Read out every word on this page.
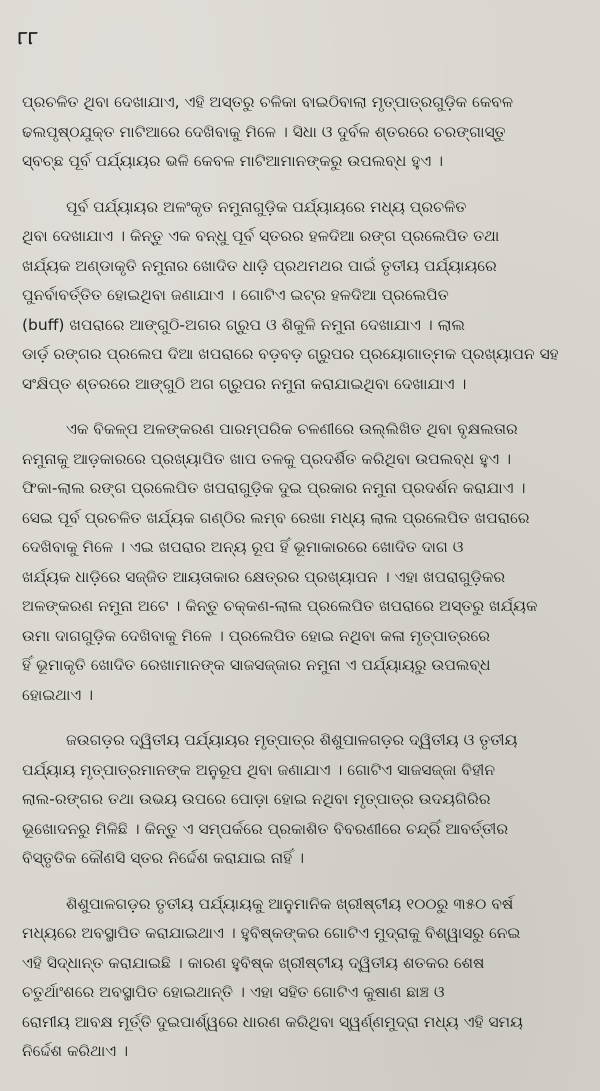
୮୮

ପ୍ରଚଳିତ ଥିବା ଦେଖାଯାଏ, ଏହି ଅସ୍ତରୁ ଚଳିକା ବାଇଠିବାଲା ମୃତ୍ପାତ୍ରଗୁଡ଼ିକ କେବଳ
ଢଲପୃଷ୍ଠଯୁକ୍ତ ମାଟିଆରେ ଦେଖିବାକୁ ମିଳେ । ସିଧା ଓ ଦୁର୍ବଳ ଶ୍ତରରେ ଚରଙ୍ଗାସ୍ତୁ
ସ୍ବଚ୍ଛ ପୂର୍ବ ପର୍ଯ୍ୟାୟର ଭଳି କେବଳ ମାଟିଆମାନଙ୍କରୁ ଉପଲବ୍ଧ ହୁଏ ।

ପୂର୍ବ ପର୍ଯ୍ୟାୟର ଅଳଂକୃତ ନମୁନାଗୁଡ଼ିକ ପର୍ଯ୍ୟାୟରେ ମଧ୍ୟ ପ୍ରଚଳିତ
ଥିବା ଦେଖାଯାଏ । କିନ୍ତୁ ଏକ ବନ୍ଧୁ ପୂର୍ବ ସ୍ତରର ହଳଦିଆ ରଙ୍ଗ ପ୍ରଲେପିତ ତଥା
ଖର୍ଯ୍ୟକ ଅଣ୍ଡାକୃତି ନମୁନାର ଖୋଦିତ ଧାଡ଼ି ପ୍ରଥମଥର ପାଇଁ ତୃତୀୟ ପର୍ଯ୍ୟାୟରେ
ପୁନର୍ବାବର୍ତ୍ତିତ ହୋଇଥିବା ଜଣାଯାଏ । ଗୋଟିଏ ଇଟ୍ର ହଳଦିଆ ପ୍ରଲେପିତ
(buff) ଖପରାରେ ଆଙ୍ଗୁଠି-ଅଗର ଗ୍ରୁପ ଓ ଶିକୁଳି ନମୁନା ଦେଖାଯାଏ । ଲାଲ
ଡାର୍ଡ଼ ରଙ୍ଗର ପ୍ରଲେପ ଦିଆ ଖପରାରେ ବଡ଼ବଡ଼ ଗ୍ରୁପର ପ୍ରୟୋଗାତ୍ମକ ପ୍ରଖ୍ୟାପନ ସହ
ସଂକ୍ଷିପ୍ତ ଶ୍ତରରେ ଆଙ୍ଗୁଠି ଅଗ ଗ୍ରୁପର ନମୁନା କରାଯାଇଥିବା ଦେଖାଯାଏ ।

ଏକ ବିକଳ୍ପ ଅଳଙ୍କରଣ ପାରମ୍ପରିକ ଚଳଣୀରେ ଉଲ୍ଲିଖିତ ଥିବା ବୃକ୍ଷଲତାର
ନମୁନାକୁ ଆଡ଼କାରରେ ପ୍ରଖ୍ୟାପିତ ଖାପ ତଳକୁ ପ୍ରଦର୍ଶିତ କରିଥିବା ଉପଲବ୍ଧ ହୁଏ ।
ଫିକା-ଲାଲ ରଙ୍ଗ ପ୍ରଲେପିତ ଖପରାଗୁଡ଼ିକ ଦୁଇ ପ୍ରକାର ନମୁନା ପ୍ରଦର୍ଶନ କରାଯାଏ ।
ସେଇ ପୂର୍ବ ପ୍ରଚଳିତ ଖର୍ଯ୍ୟକ ଗଣ୍ଠିର ଲମ୍ବ ରେଖା ମଧ୍ୟ ଲାଲ ପ୍ରଲେପିତ ଖପରାରେ
ଦେଖିବାକୁ ମିଳେ । ଏଇ ଖପରାର ଅନ୍ୟ ରୂପ ହିଁ ଭୂମାକାରରେ ଖୋଦିତ ଦାଗ ଓ
ଖର୍ଯ୍ୟକ ଧାଡ଼ିରେ ସଜ୍ଜିତ ଆୟତାକାର କ୍ଷେତ୍ରର ପ୍ରଖ୍ୟାପନ । ଏହା ଖପରାଗୁଡ଼ିକର
ଅଳଙ୍କରଣ ନମୁନା ଅଟେ । କିନ୍ତୁ ଚକ୍କଣ-ଲାଲ ପ୍ରଲେପିତ ଖପରାରେ ଅସ୍ତରୁ ଖର୍ଯ୍ୟକ
ଉମା ଦାଗଗୁଡ଼ିକ ଦେଖିବାକୁ ମିଳେ । ପ୍ରଲେପିତ ହୋଇ ନଥିବା କଳା ମୃତ୍ପାତ୍ରରେ
ହିଁ ଭୂମାକୃତି ଖୋଦିତ ରେଖାମାନଙ୍କ ସାଜସଜ୍ଜାର ନମୁନା ଏ ପର୍ଯ୍ୟାୟରୁ ଉପଲବ୍ଧ
ହୋଇଥାଏ ।

ଜଉଗଡ଼ର ଦ୍ୱିତୀୟ ପର୍ଯ୍ୟାୟର ମୃତ୍ପାତ୍ର ଶିଶୁପାଳଗଡ଼ର ଦ୍ୱିତୀୟ ଓ ତୃତୀୟ
ପର୍ଯ୍ୟାୟ ମୃତ୍ପାତ୍ରମାନଙ୍କ ଅନୁରୂପ ଥିବା ଜଣାଯାଏ । ଗୋଟିଏ ସାଜସଜ୍ଜା ବିହୀନ
ଲାଲ-ରଙ୍ଗର ତଥା ଉଭୟ ଉପରେ ପୋଡ଼ା ହୋଇ ନଥିବା ମୃତ୍ପାତ୍ର ଉଦୟଗିରିର
ଭୂଖୋଦନରୁ ମିଳିଛି । କିନ୍ତୁ ଏ ସମ୍ପର୍କରେ ପ୍ରକାଶିତ ବିବରଣୀରେ ଚନ୍ଦ୍ରିଁ ଆବର୍ତ୍ତୀର
ବିସ୍ତୃତିକ କୌଣସି ସ୍ତର ନିର୍ଦ୍ଦେଶ କରାଯାଇ ନାହିଁ ।

ଶିଶୁପାଳଗଡ଼ର ତୃତୀୟ ପର୍ଯ୍ୟାୟକୁ ଆନୁମାନିକ ଖ୍ରୀଷ୍ଟୀୟ ୧୦୦ରୁ ୩୫୦ ବର୍ଷ
ମଧ୍ୟରେ ଅବସ୍ଥାପିତ କରାଯାଇଥାଏ । ହୁବିଷ୍କଙ୍କର ଗୋଟିଏ ମୁଦ୍ରାକୁ ବିଶ୍ୱାସରୁ ନେଇ
ଏହି ସିଦ୍ଧାନ୍ତ କରାଯାଇଛି । କାରଣ ହୁବିଷ୍କ ଖ୍ରୀଷ୍ଟୀୟ ଦ୍ୱିତୀୟ ଶତକର ଶେଷ
ଚତୁର୍ଥାଂଶରେ ଅବସ୍ଥାପିତ ହୋଇଥାନ୍ତି । ଏହା ସହିତ ଗୋଟିଏ କୁଷାଣ ଛାଞ୍ଚ ଓ
ରୋମୀୟ ଆବକ୍ଷ ମୂର୍ତ୍ତି ଦୁଇପାର୍ଶ୍ୱରେ ଧାରଣ କରିଥିବା ସ୍ୱର୍ଣ୍ଣମୁଦ୍ରା ମଧ୍ୟ ଏହି ସମୟ
ନିର୍ଦ୍ଦେଶ କରିଥାଏ ।
